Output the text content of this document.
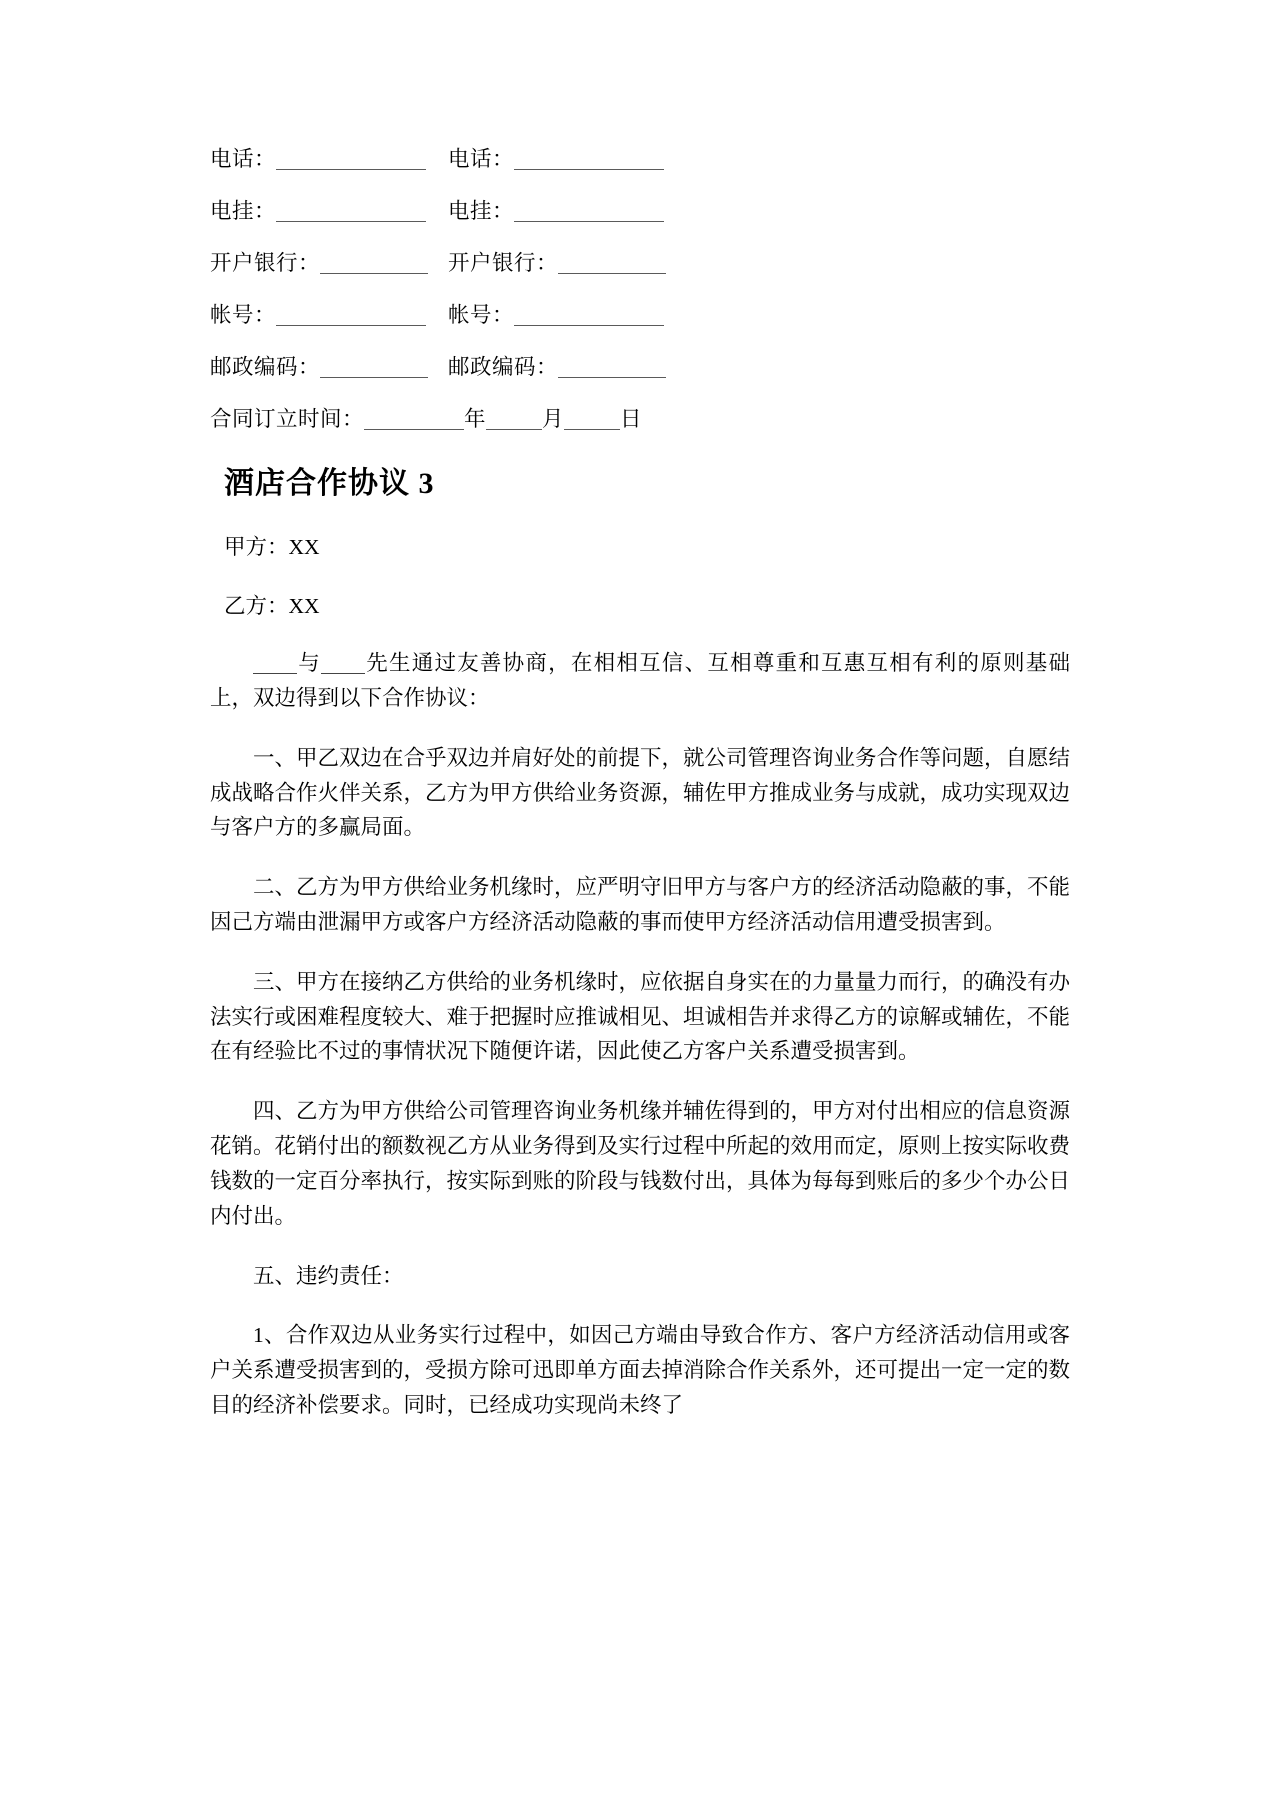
电话：	电话：
电挂：	电挂：
开户银行：	开户银行：
帐号：	帐号：
邮政编码：	邮政编码：
合同订立时间：	年	月	日
酒店合作协议 3
甲方：XX
乙方：XX
与 先生通过友善协商，在相相互信、互相尊重和互惠互相有利的原则基础上，双边得到以下合作协议：
一、甲乙双边在合乎双边并肩好处的前提下，就公司管理咨询业务合作等问题，自愿结成战略合作火伴关系，乙方为甲方供给业务资源，辅佐甲方推成业务与成就，成功实现双边与客户方的多赢局面。
二、乙方为甲方供给业务机缘时，应严明守旧甲方与客户方的经济活动隐蔽的事，不能因己方端由泄漏甲方或客户方经济活动隐蔽的事而使甲方经济活动信用遭受损害到。
三、甲方在接纳乙方供给的业务机缘时，应依据自身实在的力量量力而行，的确没有办法实行或困难程度较大、难于把握时应推诚相见、坦诚相告并求得乙方的谅解或辅佐，不能在有经验比不过的事情状况下随便许诺，因此使乙方客户关系遭受损害到。
四、乙方为甲方供给公司管理咨询业务机缘并辅佐得到的，甲方对付出相应的信息资源花销。花销付出的额数视乙方从业务得到及实行过程中所起的效用而定，原则上按实际收费钱数的一定百分率执行，按实际到账的阶段与钱数付出，具体为每每到账后的多少个办公日内付出。
五、违约责任：
1、合作双边从业务实行过程中，如因己方端由导致合作方、客户方经济活动信用或客户关系遭受损害到的，受损方除可迅即单方面去掉消除合作关系外，还可提出一定一定的数目的经济补偿要求。同时，已经成功实现尚未终了
